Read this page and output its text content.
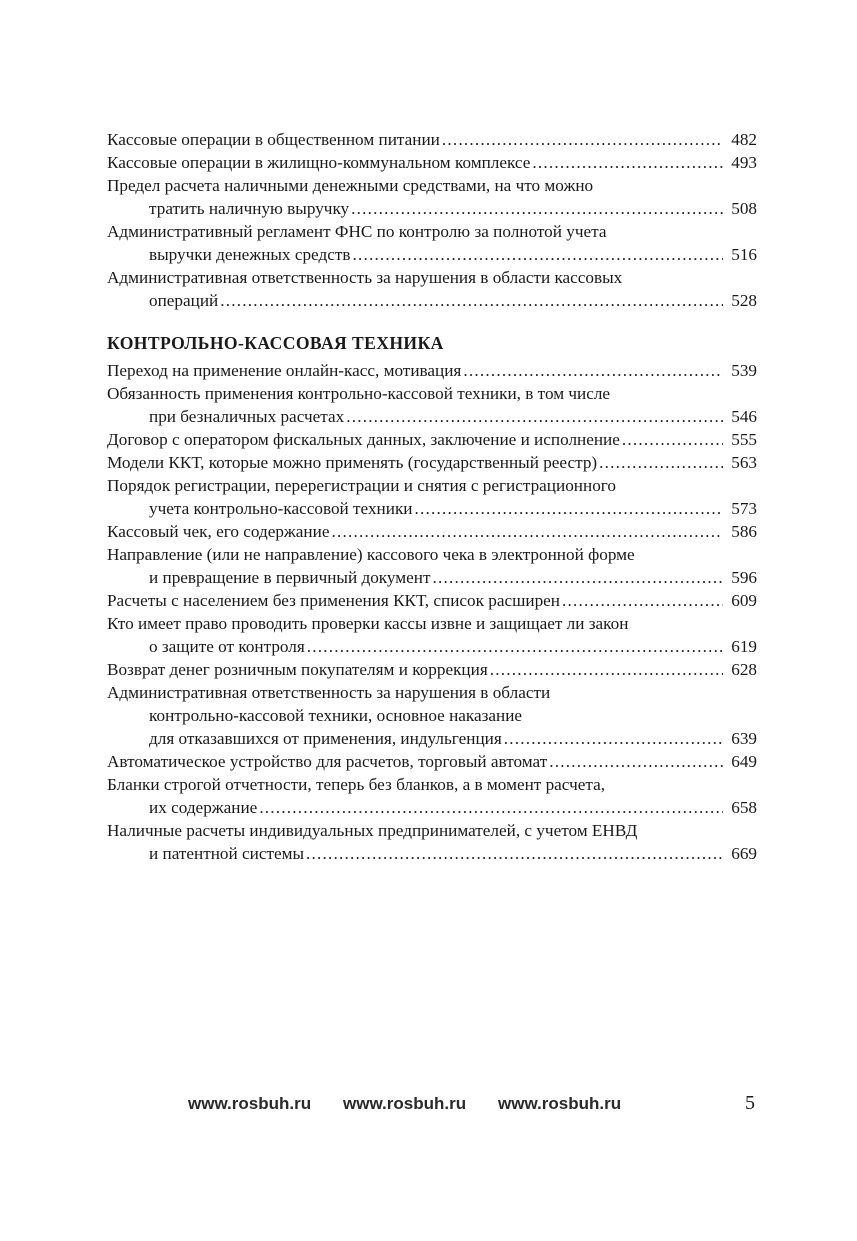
Кассовые операции в общественном питании .....	482
Кассовые операции в жилищно-коммунальном комплексе .....	493
Предел расчета наличными денежными средствами, на что можно
тратить наличную выручку .....	508
Административный регламент ФНС по контролю за полнотой учета
выручки денежных средств .....	516
Административная ответственность за нарушения в области кассовых
операций .....	528
КОНТРОЛЬНО-КАССОВАЯ ТЕХНИКА
Переход на применение онлайн-касс, мотивация .....	539
Обязанность применения контрольно-кассовой техники, в том числе
при безналичных расчетах .....	546
Договор с оператором фискальных данных, заключение и исполнение .....	555
Модели ККТ, которые можно применять (государственный реестр) .....	563
Порядок регистрации, перерегистрации и снятия с регистрационного
учета контрольно-кассовой техники .....	573
Кассовый чек, его содержание .....	586
Направление (или не направление) кассового чека в электронной форме
и превращение в первичный документ .....	596
Расчеты с населением без применения ККТ, список расширен .....	609
Кто имеет право проводить проверки кассы извне и защищает ли закон
о защите от контроля .....	619
Возврат денег розничным покупателям и коррекция .....	628
Административная ответственность за нарушения в области
контрольно-кассовой техники, основное наказание
для отказавшихся от применения, индульгенция .....	639
Автоматическое устройство для расчетов, торговый автомат .....	649
Бланки строгой отчетности, теперь без бланков, а в момент расчета,
их содержание .....	658
Наличные расчеты индивидуальных предпринимателей, с учетом ЕНВД
и патентной системы .....	669
www.rosbuh.ru www.rosbuh.ru www.rosbuh.ru	5
